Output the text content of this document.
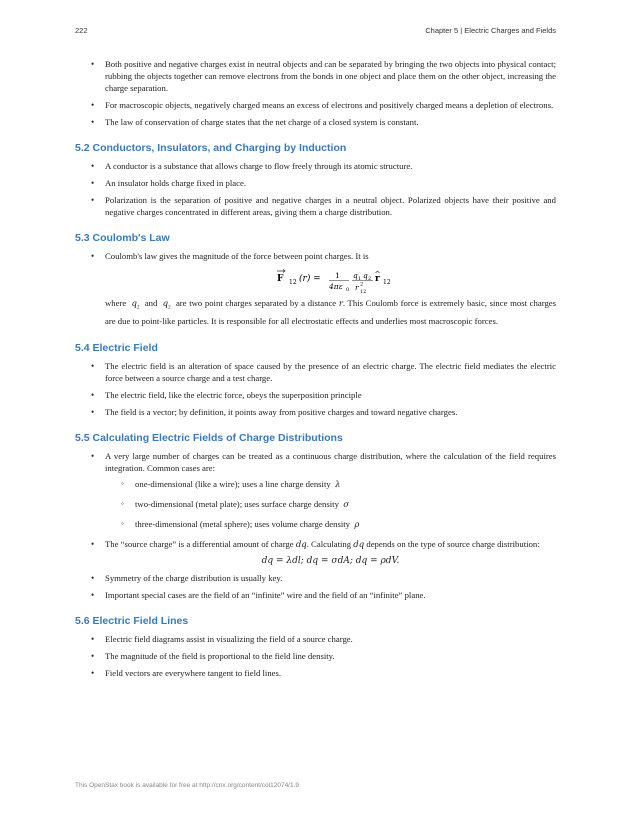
222	Chapter 5 | Electric Charges and Fields
• Both positive and negative charges exist in neutral objects and can be separated by bringing the two objects into physical contact; rubbing the objects together can remove electrons from the bonds in one object and place them on the other object, increasing the charge separation.
• For macroscopic objects, negatively charged means an excess of electrons and positively charged means a depletion of electrons.
• The law of conservation of charge states that the net charge of a closed system is constant.
5.2 Conductors, Insulators, and Charging by Induction
• A conductor is a substance that allows charge to flow freely through its atomic structure.
• An insulator holds charge fixed in place.
• Polarization is the separation of positive and negative charges in a neutral object. Polarized objects have their positive and negative charges concentrated in different areas, giving them a charge distribution.
5.3 Coulomb's Law
• Coulomb's law gives the magnitude of the force between point charges. It is
F 12 (r) = 1
4πε 0
q 1 q 2
r 2
12
r 12
where $q_2$  and $q_2$  are two point charges separated by a distance r. This Coulomb force is extremely basic, since most charges are due to point-like particles. It is responsible for all electrostatic effects and underlies most macroscopic forces.
5.4 Electric Field
• The electric field is an alteration of space caused by the presence of an electric charge. The electric field mediates the electric force between a source charge and a test charge.
• The electric field, like the electric force, obeys the superposition principle
• The field is a vector; by definition, it points away from positive charges and toward negative charges.
5.5 Calculating Electric Fields of Charge Distributions
• A very large number of charges can be treated as a continuous charge distribution, where the calculation of the field requires integration. Common cases are:
◦ one-dimensional (like a wire); uses a line charge density λ
◦ two-dimensional (metal plate); uses surface charge density σ
◦ three-dimensional (metal sphere); uses volume charge density ρ
• The “source charge” is a differential amount of charge dq. Calculating dq depends on the type of source charge distribution:
dq = λdl; dq = σdA; dq = ρdV.
• Symmetry of the charge distribution is usually key.
• Important special cases are the field of an “infinite” wire and the field of an “infinite” plane.
5.6 Electric Field Lines
• Electric field diagrams assist in visualizing the field of a source charge.
• The magnitude of the field is proportional to the field line density.
• Field vectors are everywhere tangent to field lines.
This OpenStax book is available for free at http://cnx.org/content/col12074/1.9
